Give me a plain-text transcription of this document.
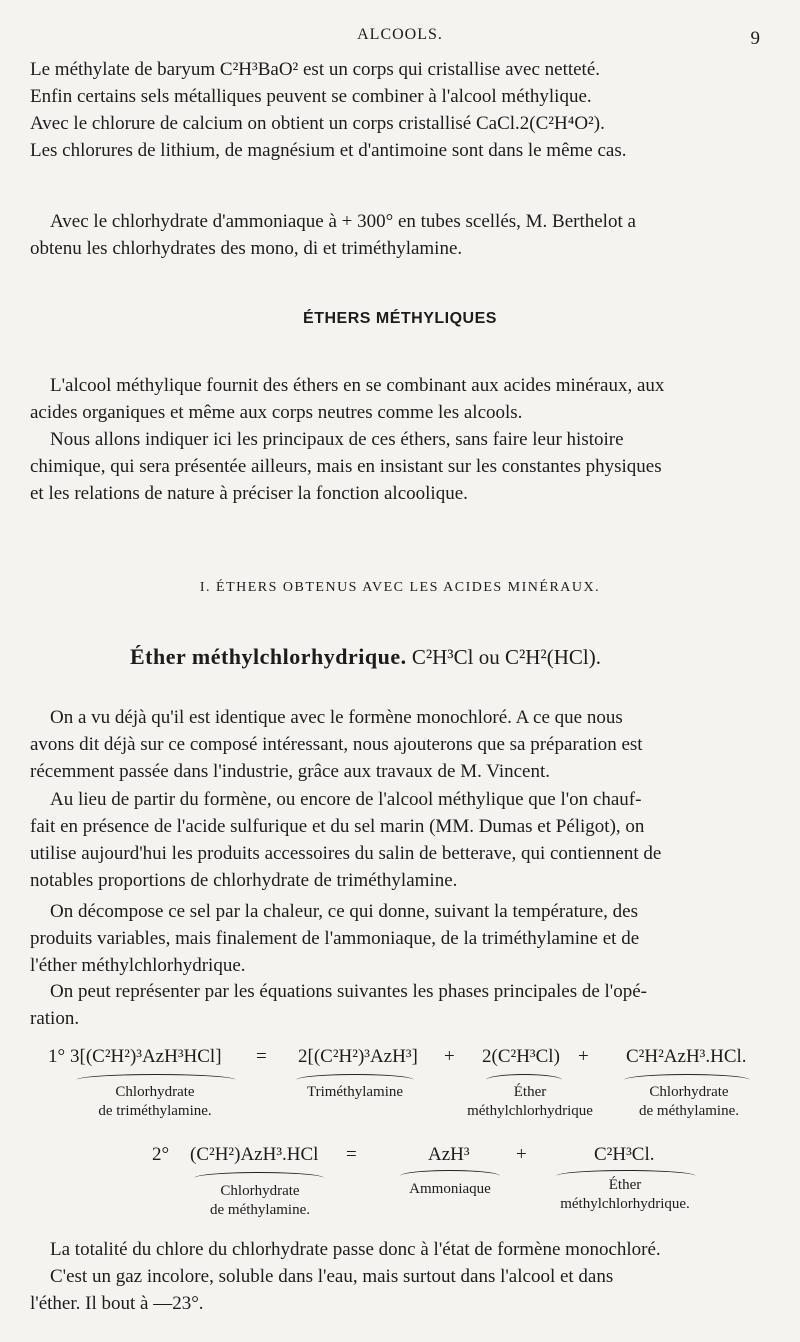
ALCOOLS.	9
Le méthylate de baryum C²H³BaO² est un corps qui cristallise avec netteté.
Enfin certains sels métalliques peuvent se combiner à l'alcool méthylique.
Avec le chlorure de calcium on obtient un corps cristallisé CaCl.2(C²H⁴O²).
Les chlorures de lithium, de magnésium et d'antimoine sont dans le même cas.
Avec le chlorhydrate d'ammoniaque à + 300° en tubes scellés, M. Berthelot a
obtenu les chlorhydrates des mono, di et triméthylamine.
ÉTHERS MÉTHYLIQUES
L'alcool méthylique fournit des éthers en se combinant aux acides minéraux, aux
acides organiques et même aux corps neutres comme les alcools.
Nous allons indiquer ici les principaux de ces éthers, sans faire leur histoire
chimique, qui sera présentée ailleurs, mais en insistant sur les constantes physiques
et les relations de nature à préciser la fonction alcoolique.
I. ÉTHERS OBTENUS AVEC LES ACIDES MINÉRAUX.
Éther méthylchlorhydrique. C²H³Cl ou C²H²(HCl).
On a vu déjà qu'il est identique avec le formène monochloré. A ce que nous
avons dit déjà sur ce composé intéressant, nous ajouterons que sa préparation est
récemment passée dans l'industrie, grâce aux travaux de M. Vincent.
Au lieu de partir du formène, ou encore de l'alcool méthylique que l'on chauf-
fait en présence de l'acide sulfurique et du sel marin (MM. Dumas et Péligot), on
utilise aujourd'hui les produits accessoires du salin de betterave, qui contiennent de
notables proportions de chlorhydrate de triméthylamine.
On décompose ce sel par la chaleur, ce qui donne, suivant la température, des
produits variables, mais finalement de l'ammoniaque, de la triméthylamine et de
l'éther méthylchlorhydrique.
On peut représenter par les équations suivantes les phases principales de l'opé-
ration.
1° 3[(C²H²)³AzH³HCl] = 2[(C²H²)³AzH³] + 2(C²H³Cl) + C²H²AzH³.HCl.
Chlorhydrate
de triméthylamine.
Triméthylamine	Éther
méthylchlorhydrique
Chlorhydrate
de méthylamine.
2° (C²H²)AzH³.HCl =	AzH³ +	C²H³Cl.
Chlorhydrate
de méthylamine.
Ammoniaque	Éther
méthylchlorhydrique.
La totalité du chlore du chlorhydrate passe donc à l'état de formène monochloré.
C'est un gaz incolore, soluble dans l'eau, mais surtout dans l'alcool et dans
l'éther. Il bout à —23°.
